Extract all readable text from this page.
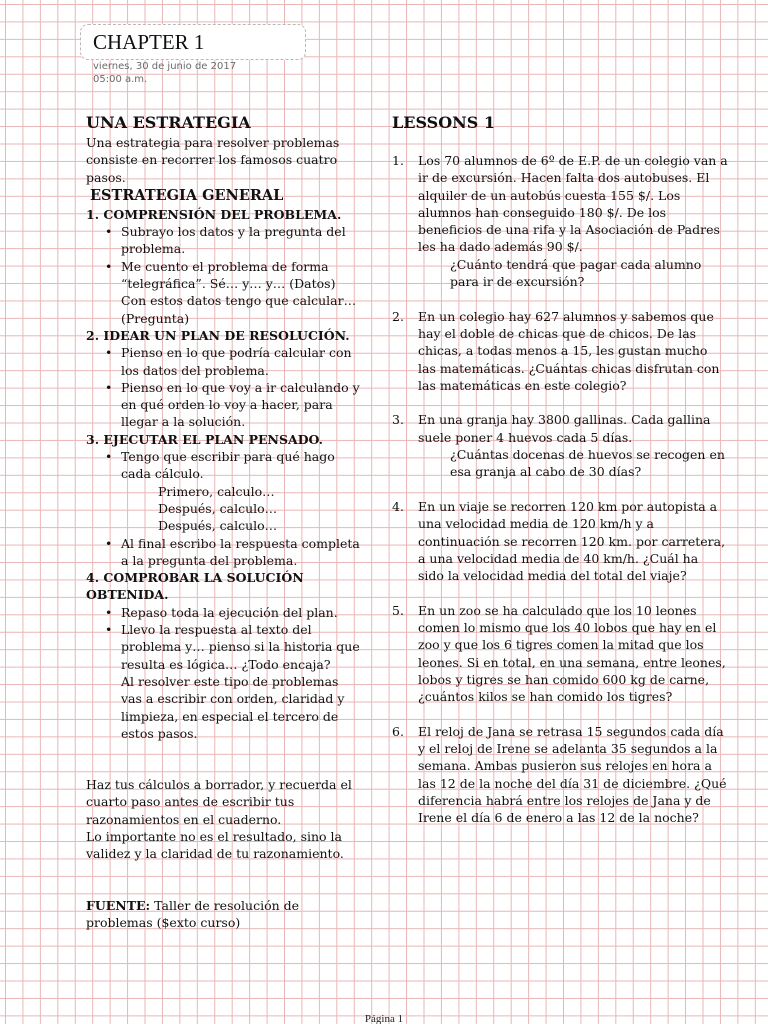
CHAPTER 1
viernes, 30 de junio de 2017
05:00 a.m.
UNA ESTRATEGIA
Una estrategia para resolver problemas consiste en recorrer los famosos cuatro pasos.
ESTRATEGIA GENERAL
1. COMPRENSIÓN DEL PROBLEMA.
• Subrayo los datos y la pregunta del problema.
• Me cuento el problema de forma “telegráfica”. Sé… y… y… (Datos) Con estos datos tengo que calcular… (Pregunta)
2. IDEAR UN PLAN DE RESOLUCIÓN.
• Pienso en lo que podría calcular con los datos del problema.
• Pienso en lo que voy a ir calculando y en qué orden lo voy a hacer, para llegar a la solución.
3. EJECUTAR EL PLAN PENSADO.
• Tengo que escribir para qué hago cada cálculo.
Primero, calculo…
Después, calculo…
Después, calculo…
• Al final escribo la respuesta completa a la pregunta del problema.
4. COMPROBAR LA SOLUCIÓN OBTENIDA.
• Repaso toda la ejecución del plan.
• Llevo la respuesta al texto del problema y… pienso si la historia que resulta es lógica… ¿Todo encaja?
Al resolver este tipo de problemas vas a escribir con orden, claridad y limpieza, en especial el tercero de estos pasos.
Haz tus cálculos a borrador, y recuerda el cuarto paso antes de escribir tus razonamientos en el cuaderno.
Lo importante no es el resultado, sino la validez y la claridad de tu razonamiento.
FUENTE: Taller de resolución de problemas ($exto curso)
LESSONS 1
1. Los 70 alumnos de 6º de E.P. de un colegio van a ir de excursión. Hacen falta dos autobuses. El alquiler de un autobús cuesta 155 $/. Los alumnos han conseguido 180 $/. De los beneficios de una rifa y la Asociación de Padres les ha dado además 90 $/.
¿Cuánto tendrá que pagar cada alumno para ir de excursión?
2. En un colegio hay 627 alumnos y sabemos que hay el doble de chicas que de chicos. De las chicas, a todas menos a 15, les gustan mucho las matemáticas. ¿Cuántas chicas disfrutan con las matemáticas en este colegio?
3. En una granja hay 3800 gallinas. Cada gallina suele poner 4 huevos cada 5 días.
¿Cuántas docenas de huevos se recogen en esa granja al cabo de 30 días?
4. En un viaje se recorren 120 km por autopista a una velocidad media de 120 km/h y a continuación se recorren 120 km. por carretera, a una velocidad media de 40 km/h. ¿Cuál ha sido la velocidad media del total del viaje?
5. En un zoo se ha calculado que los 10 leones comen lo mismo que los 40 lobos que hay en el zoo y que los 6 tigres comen la mitad que los leones. Si en total, en una semana, entre leones, lobos y tigres se han comido 600 kg de carne, ¿cuántos kilos se han comido los tigres?
6. El reloj de Jana se retrasa 15 segundos cada día y el reloj de Irene se adelanta 35 segundos a la semana. Ambas pusieron sus relojes en hora a las 12 de la noche del día 31 de diciembre. ¿Qué diferencia habrá entre los relojes de Jana y de Irene el día 6 de enero a las 12 de la noche?
Página 1
